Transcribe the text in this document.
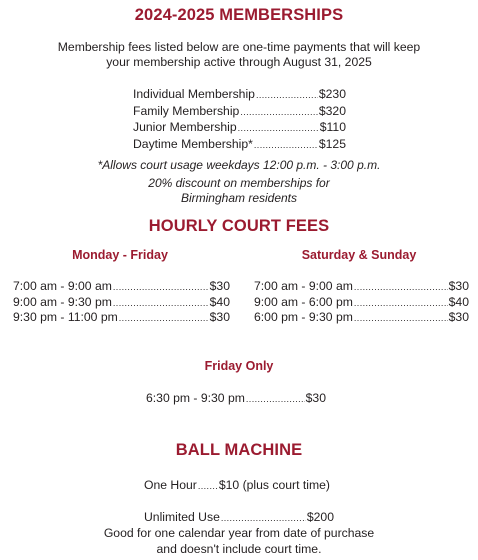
2024-2025 MEMBERSHIPS
Membership fees listed below are one-time payments that will keep
your membership active through August 31, 2025
Individual Membership .....	$230
Family Membership .....	$320
Junior Membership .....	$110
Daytime Membership* .....	$125
*Allows court usage weekdays 12:00 p.m. - 3:00 p.m.
20% discount on memberships for
Birmingham residents
HOURLY COURT FEES
Monday - Friday	Saturday & Sunday
7:00 am - 9:00 am .....	$30
9:00 am - 9:30 pm .....	$40
9:30 pm - 11:00 pm .....	$30
7:00 am - 9:00 am .....	$30
9:00 am - 6:00 pm .....	$40
6:00 pm - 9:30 pm .....	$30
Friday Only
6:30 pm - 9:30 pm .....	$30
BALL MACHINE
One Hour ..... $10 (plus court time)
Unlimited Use .....	$200
Good for one calendar year from date of purchase
and doesn't include court time.
